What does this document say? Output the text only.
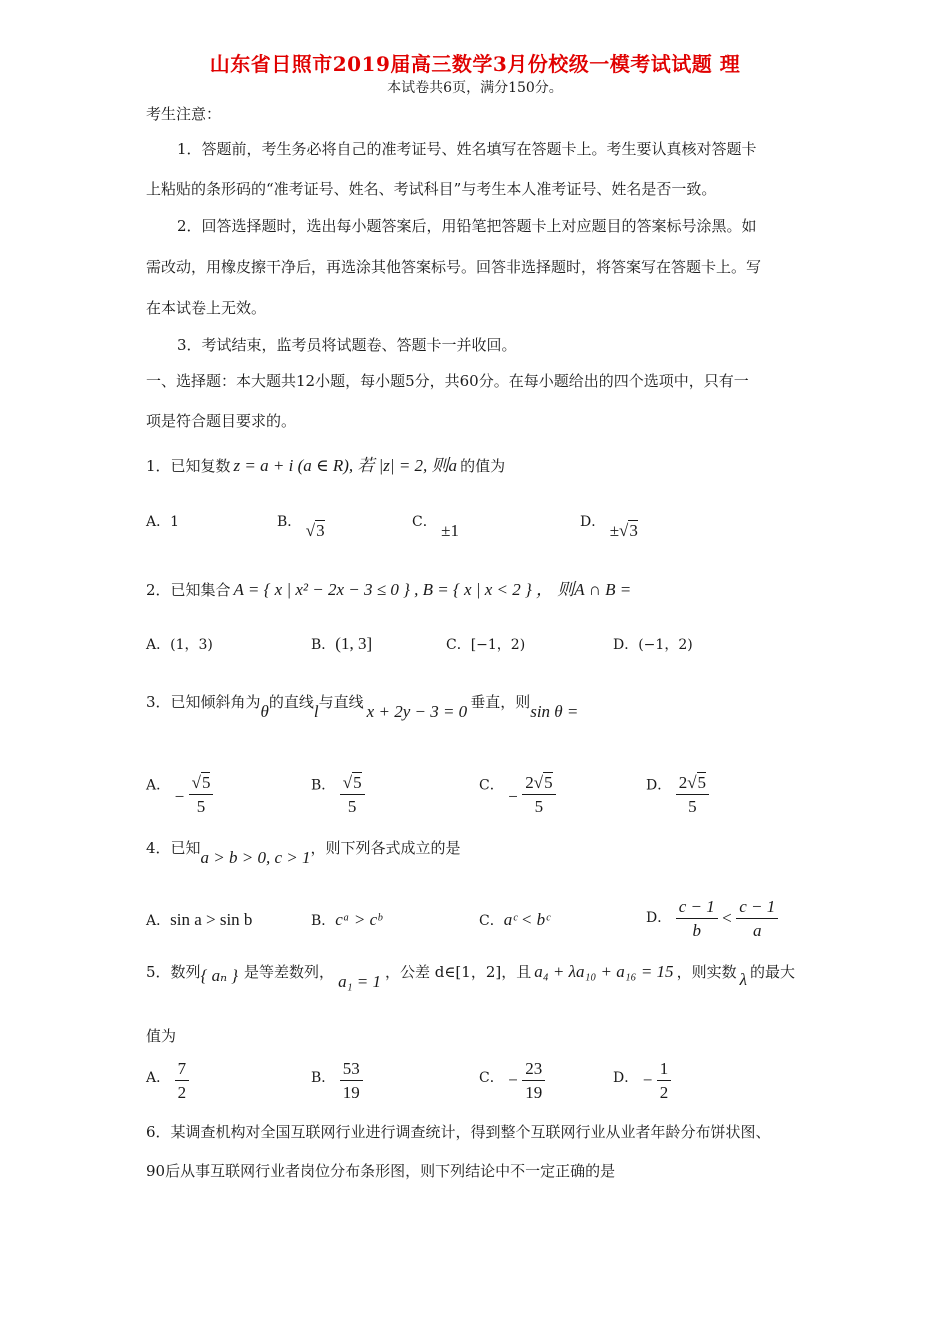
山东省日照市2019届高三数学3月份校级一模考试试题 理
本试卷共6页，满分150分。
考生注意：
1．答题前，考生务必将自己的准考证号、姓名填写在答题卡上。考生要认真核对答题卡
上粘贴的条形码的“准考证号、姓名、考试科目”与考生本人准考证号、姓名是否一致。
2．回答选择题时，选出每小题答案后，用铅笔把答题卡上对应题目的答案标号涂黑。如
需改动，用橡皮擦干净后，再选涂其他答案标号。回答非选择题时，将答案写在答题卡上。写
在本试卷上无效。
3．考试结束，监考员将试题卷、答题卡一并收回。
一、选择题：本大题共12小题，每小题5分，共60分。在每小题给出的四个选项中，只有一
项是符合题目要求的。
1．已知复数 z = a + i (a ∈ R), 若 |z| = 2, 则a 的值为
A．1	B． √3	C． ±1	D． ±√3
2．已知集合 A = { x | x² − 2x − 3 ≤ 0 } , B = { x | x < 2 } ， 则A ∩ B =
A．(1，3)	B．(1, 3]	C．[−1，2)	D．(−1，2)
3．已知倾斜角为θ的直线l与直线 x + 2y − 3 = 0 垂直，则sin θ =
A． − $\frac{√5}{5}$	B． $\frac{√5}{5}$	C． − $\frac{2√5}{5}$	D． $\frac{2√5}{5}$
4．已知a > b > 0, c > 1，则下列各式成立的是
A．sin a > sin b	B．cᵃ > cᵇ	C．aᶜ < bᶜ	D． $\frac{c - 1}{b} < \frac{c - 1}{a}$
5．数列{ aₙ } 是等差数列， a₁ = 1 ，公差 d∈[1，2]，且 a₄ + λa₁₀ + a₁₆ = 15 ，则实数 λ 的最大
值为
A． $\frac{7}{2}$	B． $\frac{53}{19}$	C． − $\frac{23}{19}$	D． − $\frac{1}{2}$
6．某调查机构对全国互联网行业进行调查统计，得到整个互联网行业从业者年龄分布饼状图、
90后从事互联网行业者岗位分布条形图，则下列结论中不一定正确的是
